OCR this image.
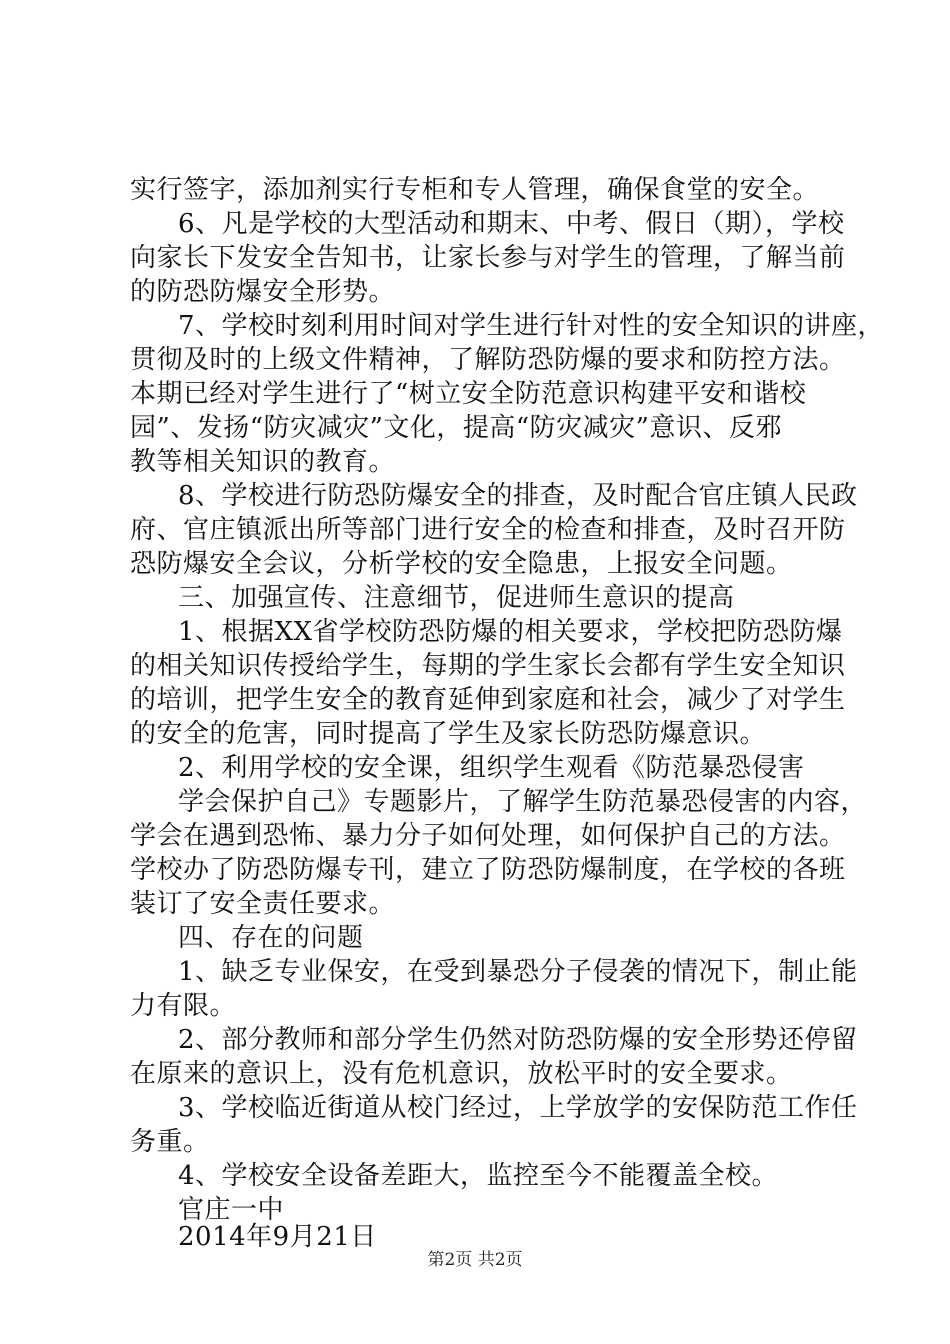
实行签字，添加剂实行专柜和专人管理，确保食堂的安全。
6、凡是学校的大型活动和期末、中考、假日（期），学校
向家长下发安全告知书，让家长参与对学生的管理，了解当前
的防恐防爆安全形势。
7、学校时刻利用时间对学生进行针对性的安全知识的讲座，
贯彻及时的上级文件精神，了解防恐防爆的要求和防控方法。
本期已经对学生进行了“树立安全防范意识构建平安和谐校
园”、发扬“防灾减灾”文化，提高“防灾减灾”意识、反邪
教等相关知识的教育。
8、学校进行防恐防爆安全的排查，及时配合官庄镇人民政
府、官庄镇派出所等部门进行安全的检查和排查，及时召开防
恐防爆安全会议，分析学校的安全隐患，上报安全问题。
三、加强宣传、注意细节，促进师生意识的提高
1、根据XX省学校防恐防爆的相关要求，学校把防恐防爆
的相关知识传授给学生，每期的学生家长会都有学生安全知识
的培训，把学生安全的教育延伸到家庭和社会，减少了对学生
的安全的危害，同时提高了学生及家长防恐防爆意识。
2、利用学校的安全课，组织学生观看《防范暴恐侵害
学会保护自己》专题影片，了解学生防范暴恐侵害的内容，
学会在遇到恐怖、暴力分子如何处理，如何保护自己的方法。
学校办了防恐防爆专刊，建立了防恐防爆制度，在学校的各班
装订了安全责任要求。
四、存在的问题
1、缺乏专业保安，在受到暴恐分子侵袭的情况下，制止能
力有限。
2、部分教师和部分学生仍然对防恐防爆的安全形势还停留
在原来的意识上，没有危机意识，放松平时的安全要求。
3、学校临近街道从校门经过，上学放学的安保防范工作任
务重。
4、学校安全设备差距大，监控至今不能覆盖全校。
官庄一中
2014年9月21日
第2页 共2页
